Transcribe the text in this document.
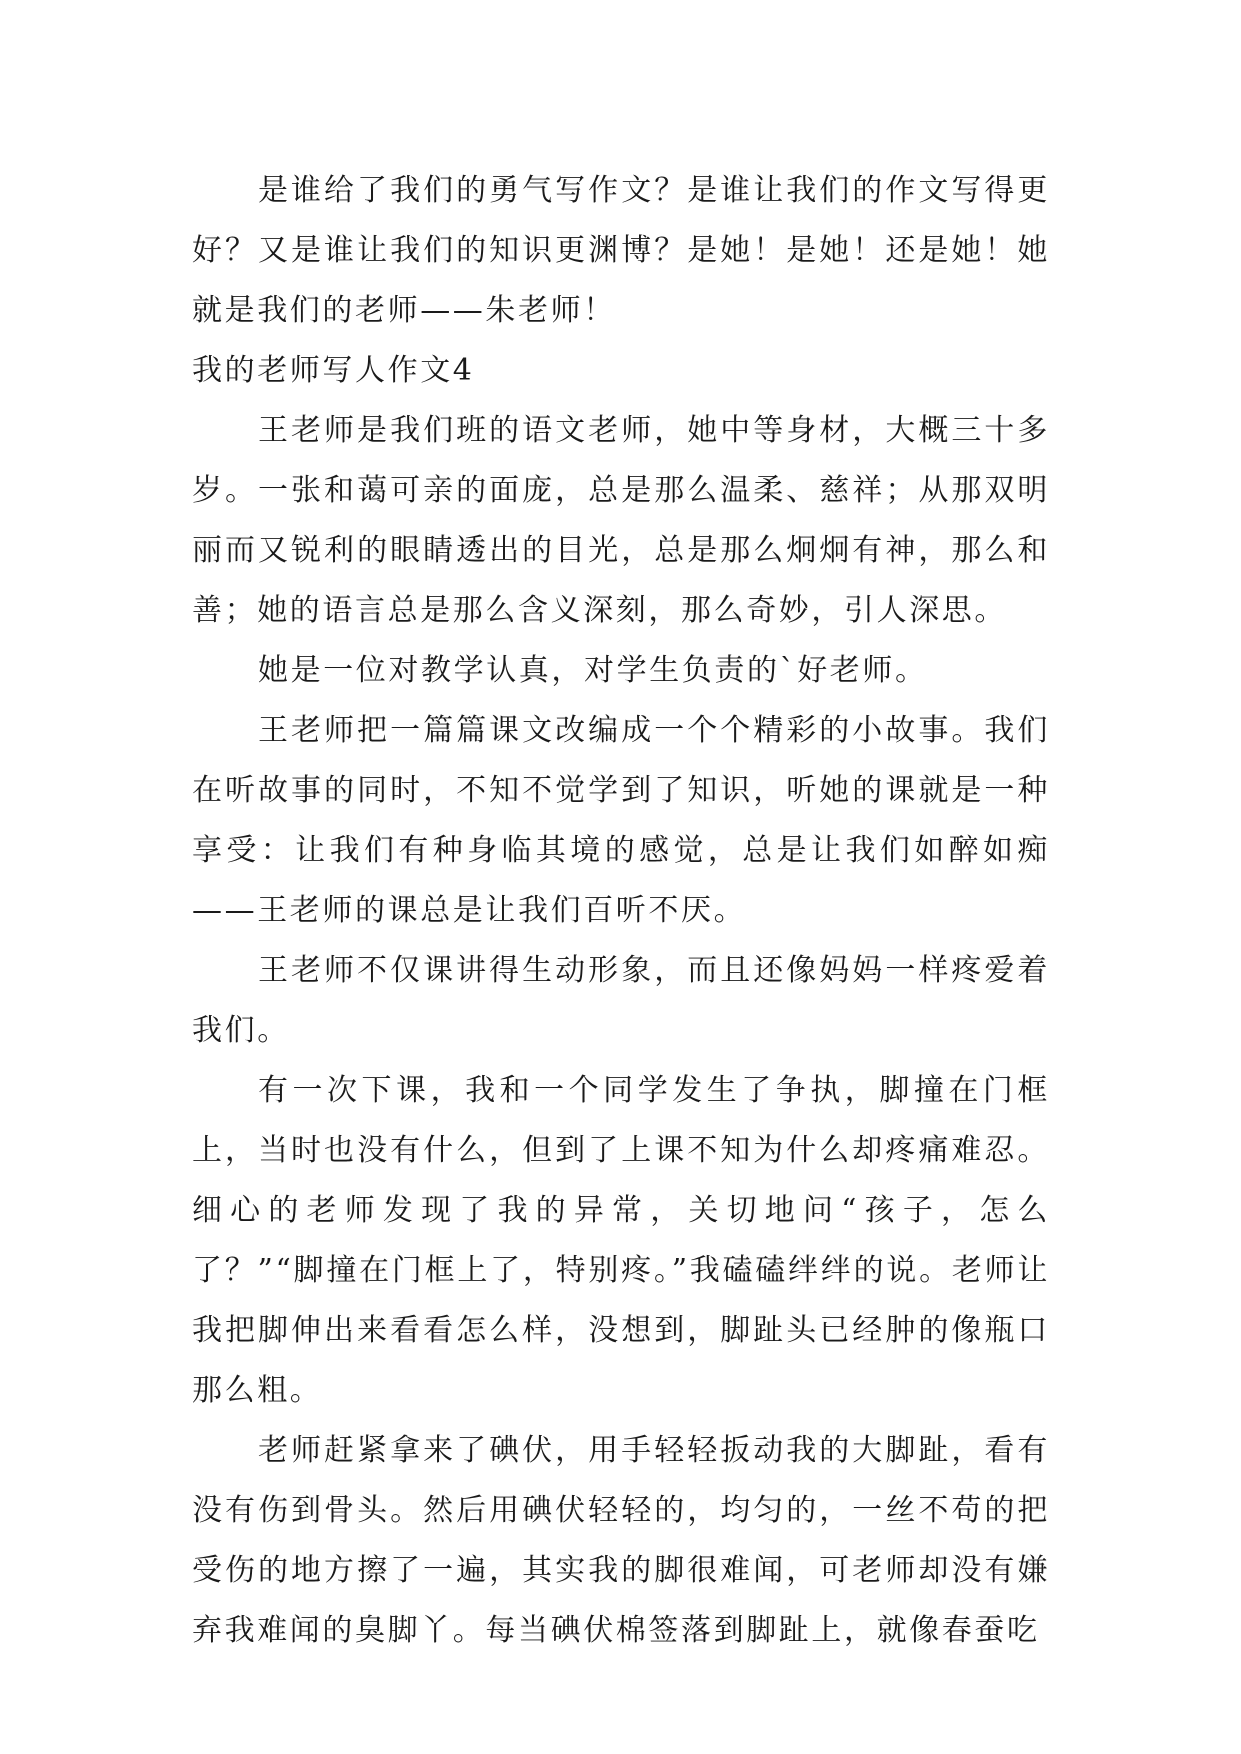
是谁给了我们的勇气写作文？是谁让我们的作文写得更好？又是谁让我们的知识更渊博？是她！是她！还是她！她就是我们的老师——朱老师！

我的老师写人作文4

王老师是我们班的语文老师，她中等身材，大概三十多岁。一张和蔼可亲的面庞，总是那么温柔、慈祥；从那双明丽而又锐利的眼睛透出的目光，总是那么炯炯有神，那么和善；她的语言总是那么含义深刻，那么奇妙，引人深思。

她是一位对教学认真，对学生负责的`好老师。

王老师把一篇篇课文改编成一个个精彩的小故事。我们在听故事的同时，不知不觉学到了知识，听她的课就是一种享受：让我们有种身临其境的感觉，总是让我们如醉如痴——王老师的课总是让我们百听不厌。

王老师不仅课讲得生动形象，而且还像妈妈一样疼爱着我们。

有一次下课，我和一个同学发生了争执，脚撞在门框上，当时也没有什么，但到了上课不知为什么却疼痛难忍。细心的老师发现了我的异常，关切地问“孩子，怎么了？”“脚撞在门框上了，特别疼。”我磕磕绊绊的说。老师让我把脚伸出来看看怎么样，没想到，脚趾头已经肿的像瓶口那么粗。

老师赶紧拿来了碘伏，用手轻轻扳动我的大脚趾，看有没有伤到骨头。然后用碘伏轻轻的，均匀的，一丝不苟的把受伤的地方擦了一遍，其实我的脚很难闻，可老师却没有嫌弃我难闻的臭脚丫。每当碘伏棉签落到脚趾上，就像春蚕吃
